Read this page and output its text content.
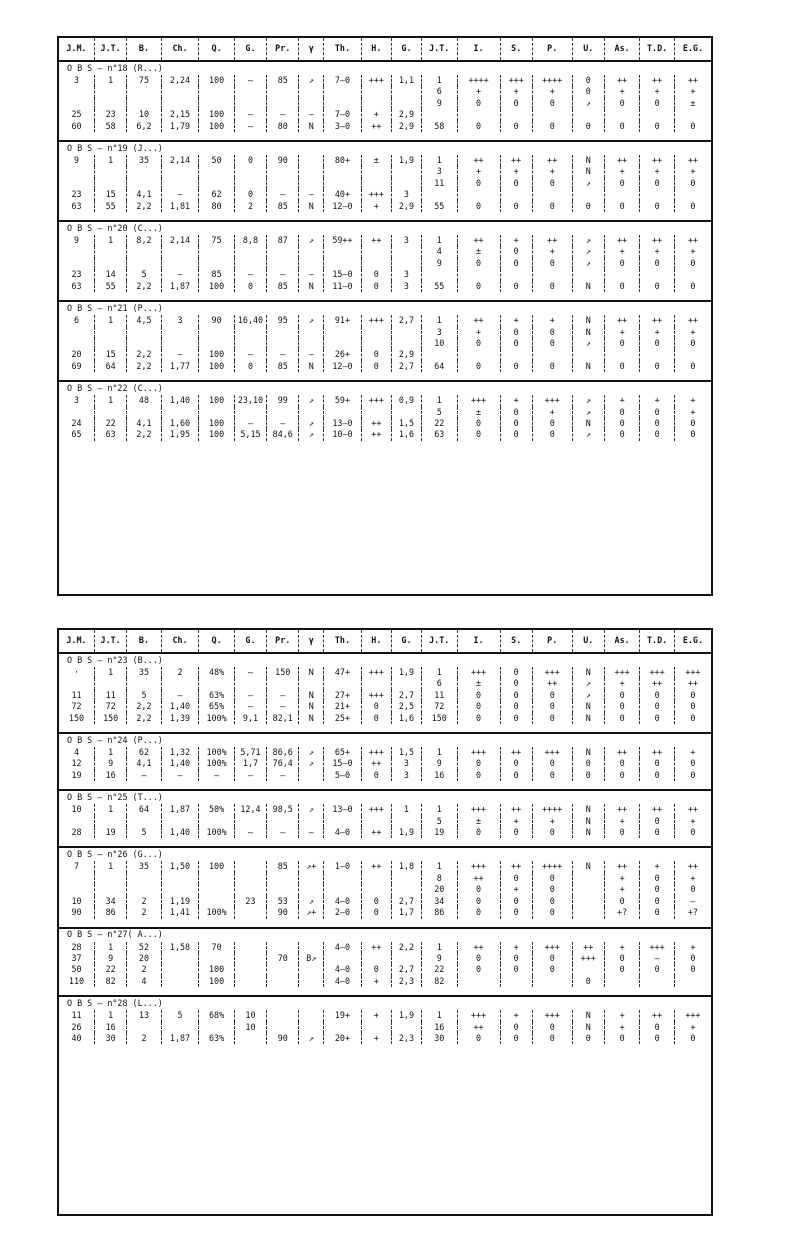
J.M.	J.T.	B.	Ch.	Q.	G.	Pr.	γ	Th.	H.	G.	J.T.	I.	S.	P.	U.	As.	T.D.	E.G.
O B S – n°18 (R...)																		
3	1	75	2,24	100	–	85	↗	7–0	+++	1,1	1	++++	+++	++++	0	++	++	++
											6	+	+	+	0	+	+	+
											9	0	0	0	↗	0	0	±
25	23	10	2,15	100	–	–	–	7–0	+	2,9								
60	58	6,2	1,79	100	–	80	N	3–0	++	2,9	58	0	0	0	0	0	0	0

O B S – n°19 (J...)																		
9	1	35	2,14	50	0	90		80+	±	1,9	1	++	++	++	N	++	++	++
											3	+	+	+	N	+	+	+
											11	0	0	0	↗	0	0	0
23	15	4,1	–	62	0	–	–	40+	+++	3								
63	55	2,2	1,81	80	2	85	N	12–0	+	2,9	55	0	0	0	0	0	0	0

O B S – n°20 (C...)																		
9	1	8,2	2,14	75	8,8	87	↗	59++	++	3	1	++	+	++	↗	++	++	++
											4	±	0	+	↗	+	+	+
											9	0	0	0	↗	0	0	0
23	14	5	–	85	–	–	–	15–0	0	3								
63	55	2,2	1,87	100	0	85	N	11–0	0	3	55	0	0	0	N	0	0	0

O B S – n°21 (P...)																		
6	1	4,5	3	90	16,40	95	↗	91+	+++	2,7	1	++	+	+	N	++	++	++
											3	+	0	0	N	+	+	+
											10	0	0	0	↗	0	0	0
20	15	2,2	–	100	–	–	–	26+	0	2,9								
69	64	2,2	1,77	100	0	85	N	12–0	0	2,7	64	0	0	0	N	0	0	0

O B S – n°22 (C...)																		
3	1	48	1,40	100	23,10	99	↗	59+	+++	0,9	1	+++	+	+++	↗	+	+	+
											5	±	0	+	↗	0	0	+
24	22	4,1	1,60	100	–	–	↗	13–0	++	1,5	22	0	0	0	N	0	0	0
65	63	2,2	1,95	100	5,15	84,6	↗	10–0	++	1,6	63	0	0	0	↗	0	0	0

J.M.	J.T.	B.	Ch.	Q.	G.	Pr.	γ	Th.	H.	G.	J.T.	I.	S.	P.	U.	As.	T.D.	E.G.
O B S – n°23 (B...)																		
·	1	35	2	48%	–	150	N	47+	+++	1,9	1	+++	0	+++	N	+++	+++	+++
											6	±	0	++	↗	+	++	++
11	11	5	–	63%	–	–	N	27+	+++	2,7	11	0	0	0	↗	0	0	0
72	72	2,2	1,40	65%	–	–	N	21+	0	2,5	72	0	0	0	N	0	0	0
150	150	2,2	1,39	100%	9,1	82,1	N	25+	0	1,6	150	0	0	0	N	0	0	0

O B S – n°24 (P...)																		
4	1	62	1,32	100%	5,71	86,6	↗	65+	+++	1,5	1	+++	++	+++	N	++	++	+
12	9	4,1	1,40	100%	1,7	76,4	↗	15–0	++	3	9	0	0	0	0	0	0	0
19	16	–	–	–	–	–		5–0	0	3	16	0	0	0	0	0	0	0

O B S – n°25 (T...)																		
10	1	64	1,87	50%	12,4	98,5	↗	13–0	+++	1	1	+++	++	++++	N	++	++	++
											5	±	+	+	N	+	0	+
28	19	5	1,40	100%	–	–	–	4–0	++	1,9	19	0	0	0	N	0	0	0

O B S – n°26 (G...)																		
7	1	35	1,50	100		85	↗+	1–0	++	1,8	1	+++	++	++++	N	++	+	++
											8	++	0	0		+	0	+
											20	0	+	0		+	0	0
10	34	2	1,19		23	53	↗	4–0	0	2,7	34	0	0	0		0	0	–
90	86	2	1,41	100%		90	↗+	2–0	0	1,7	86	0	0	0		+?	0	+?

O B S – n°27( A...)																		
28	1	52	1,58	70				4–0	++	2,2	1	++	+	+++	++	+	+++	+
37	9	20				70	B↗				9	0	0	0	+++	0	–	0
50	22	2		100				4–0	0	2,7	22	0	0	0		0	0	0
110	82	4		100				4–0	+	2,3	82				0			

O B S – n°28 (L...)																		
11	1	13	5	68%	10			19+	+	1,9	1	+++	+	+++	N	+	++	+++
26	16				10						16	++	0	0	N	+	0	+
40	30	2	1,87	63%		90	↗	20+	+	2,3	30	0	0	0	0	0	0	0
